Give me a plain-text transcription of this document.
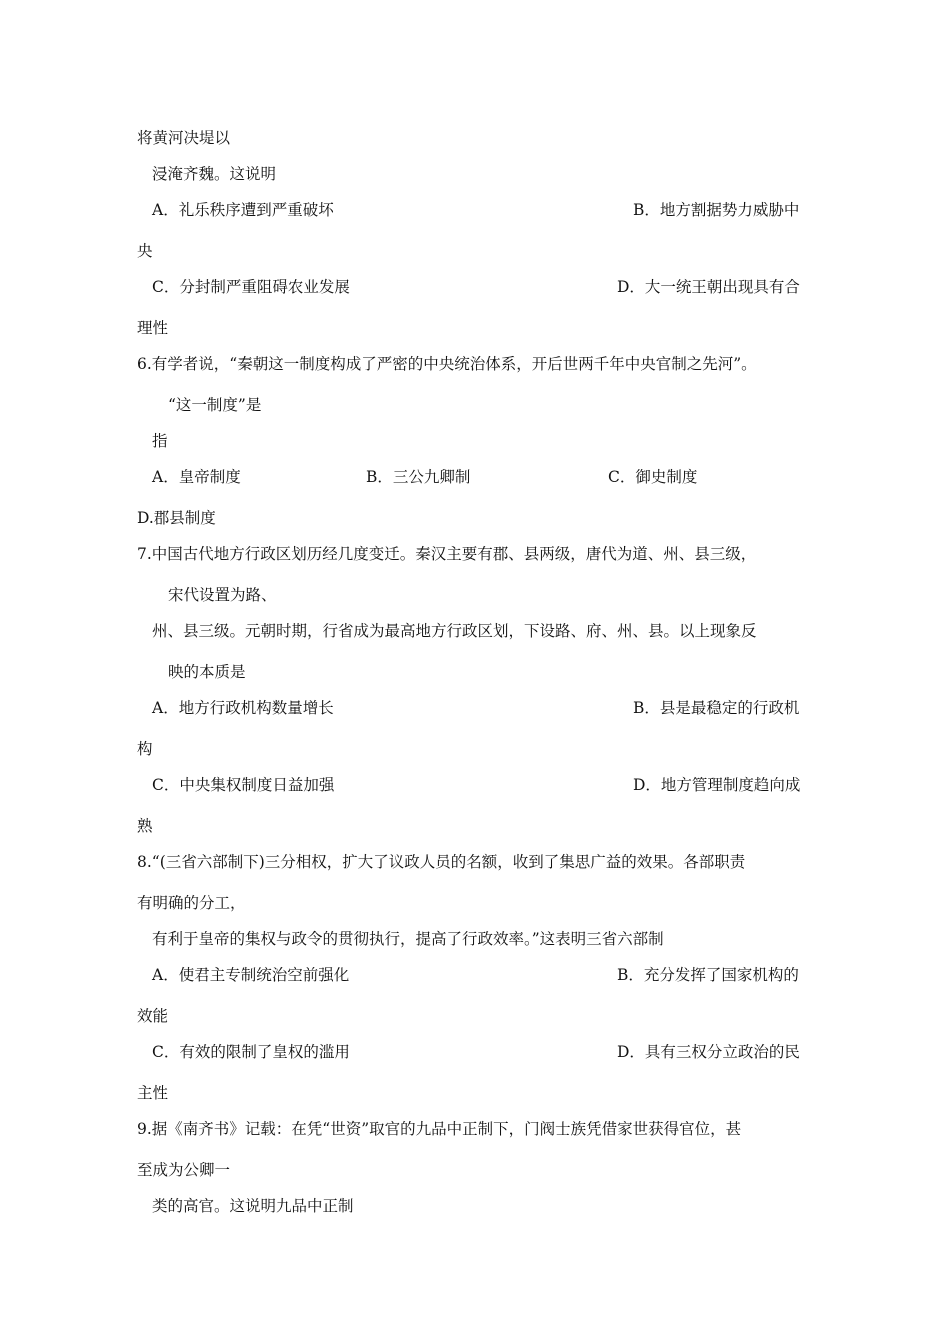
将黄河决堤以
浸淹齐魏。这说明
A．礼乐秩序遭到严重破坏	B．地方割据势力威胁中
央
C．分封制严重阻碍农业发展	D．大一统王朝出现具有合
理性
6.有学者说，“秦朝这一制度构成了严密的中央统治体系，开后世两千年中央官制之先河”。
“这一制度”是
指
A．皇帝制度	B．三公九卿制	C．御史制度
D.郡县制度
7.中国古代地方行政区划历经几度变迁。秦汉主要有郡、县两级，唐代为道、州、县三级，
宋代设置为路、
州、县三级。元朝时期，行省成为最高地方行政区划，下设路、府、州、县。以上现象反
映的本质是
A．地方行政机构数量增长	B．县是最稳定的行政机
构
C．中央集权制度日益加强	D．地方管理制度趋向成
熟
8.“(三省六部制下)三分相权，扩大了议政人员的名额，收到了集思广益的效果。各部职责
有明确的分工，
有利于皇帝的集权与政令的贯彻执行，提高了行政效率。”这表明三省六部制
A．使君主专制统治空前强化	B．充分发挥了国家机构的
效能
C．有效的限制了皇权的滥用	D．具有三权分立政治的民
主性
9.据《南齐书》记载：在凭“世资”取官的九品中正制下，门阀士族凭借家世获得官位，甚
至成为公卿一
类的高官。这说明九品中正制
